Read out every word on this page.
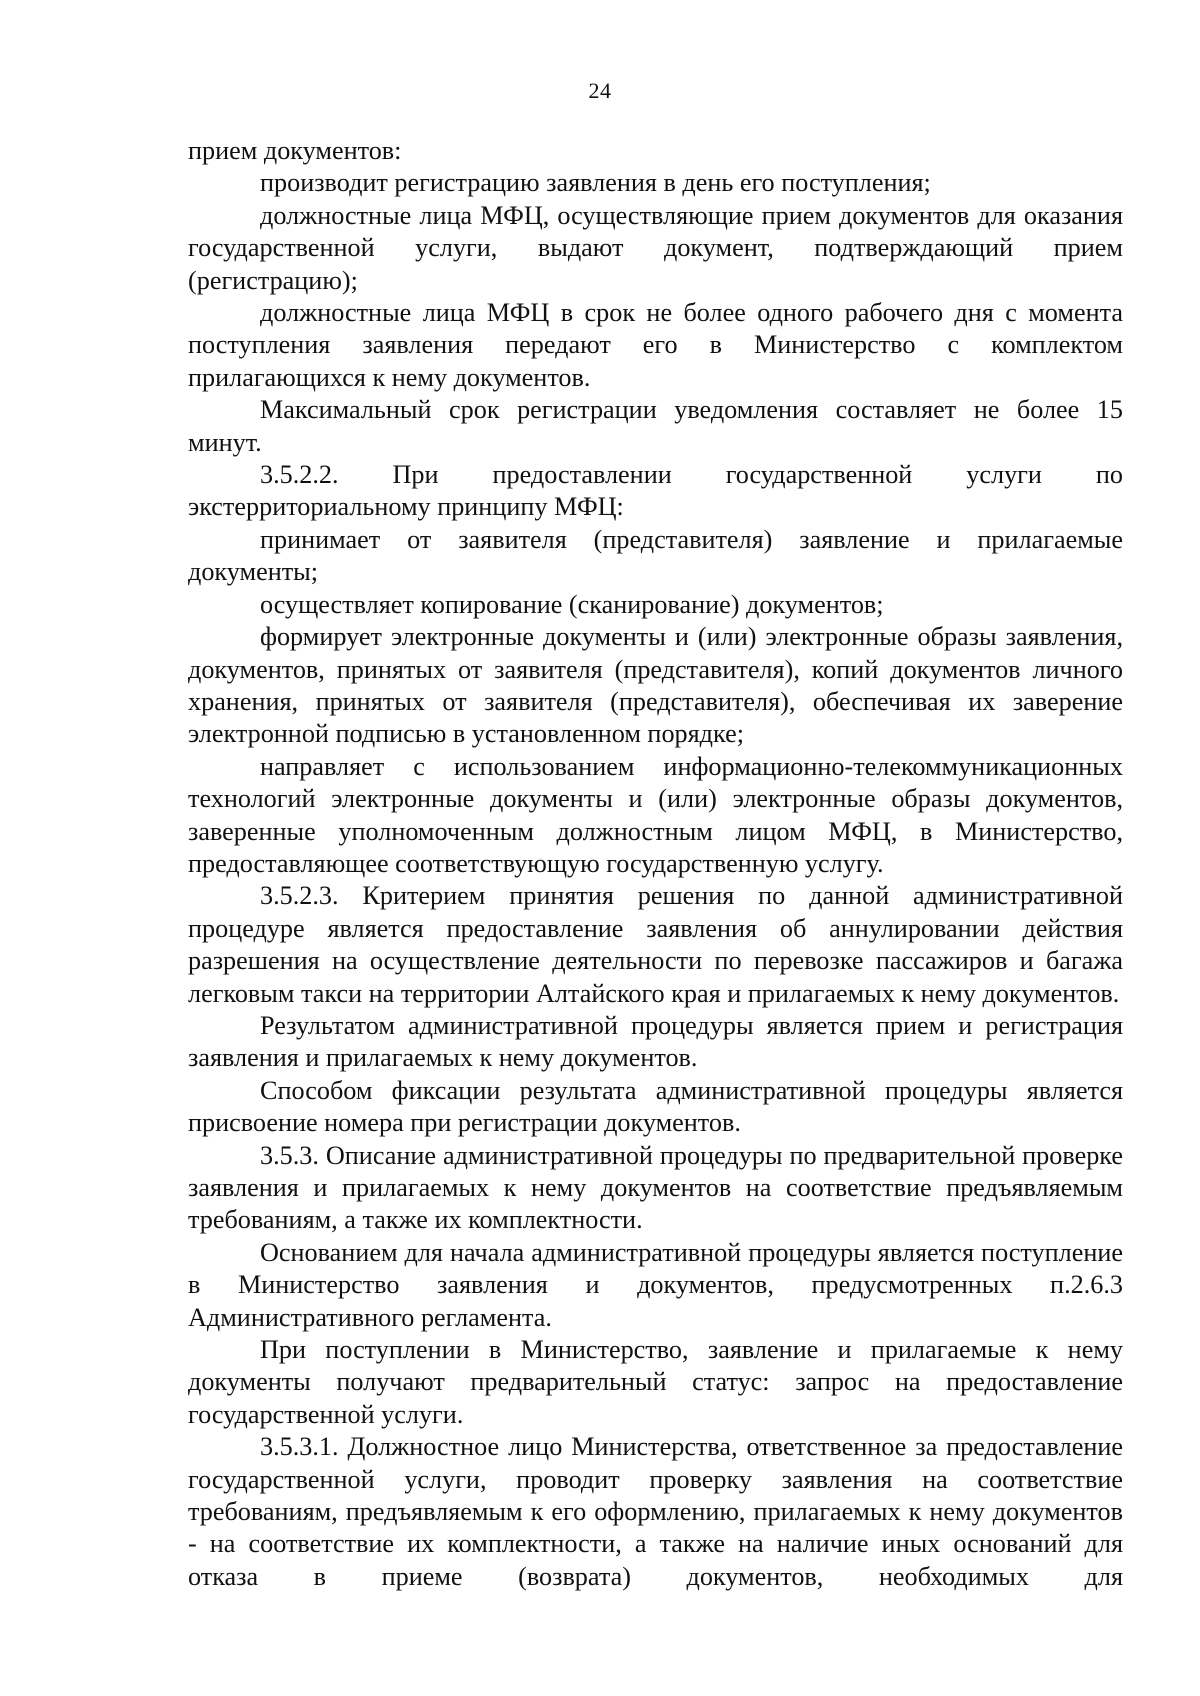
24

прием документов:

производит регистрацию заявления в день его поступления;

должностные лица МФЦ, осуществляющие прием документов для оказания государственной услуги, выдают документ, подтверждающий прием (регистрацию);

должностные лица МФЦ в срок не более одного рабочего дня с момента поступления заявления передают его в Министерство с комплектом прилагающихся к нему документов.

Максимальный срок регистрации уведомления составляет не более 15 минут.

3.5.2.2. При предоставлении государственной услуги по экстерриториальному принципу МФЦ:

принимает от заявителя (представителя) заявление и прилагаемые документы;

осуществляет копирование (сканирование) документов;

формирует электронные документы и (или) электронные образы заявления, документов, принятых от заявителя (представителя), копий документов личного хранения, принятых от заявителя (представителя), обеспечивая их заверение электронной подписью в установленном порядке;

направляет с использованием информационно-телекоммуникационных технологий электронные документы и (или) электронные образы документов, заверенные уполномоченным должностным лицом МФЦ, в Министерство, предоставляющее соответствующую государственную услугу.

3.5.2.3. Критерием принятия решения по данной административной процедуре является предоставление заявления об аннулировании действия разрешения на осуществление деятельности по перевозке пассажиров и багажа легковым такси на территории Алтайского края и прилагаемых к нему документов.

Результатом административной процедуры является прием и регистрация заявления и прилагаемых к нему документов.

Способом фиксации результата административной процедуры является присвоение номера при регистрации документов.

3.5.3. Описание административной процедуры по предварительной проверке заявления и прилагаемых к нему документов на соответствие предъявляемым требованиям, а также их комплектности.

Основанием для начала административной процедуры является поступление в Министерство заявления и документов, предусмотренных п.2.6.3 Административного регламента.

При поступлении в Министерство, заявление и прилагаемые к нему документы получают предварительный статус: запрос на предоставление государственной услуги.

3.5.3.1. Должностное лицо Министерства, ответственное за предоставление государственной услуги, проводит проверку заявления на соответствие требованиям, предъявляемым к его оформлению, прилагаемых к нему документов - на соответствие их комплектности, а также на наличие иных оснований для отказа в приеме (возврата) документов, необходимых для
